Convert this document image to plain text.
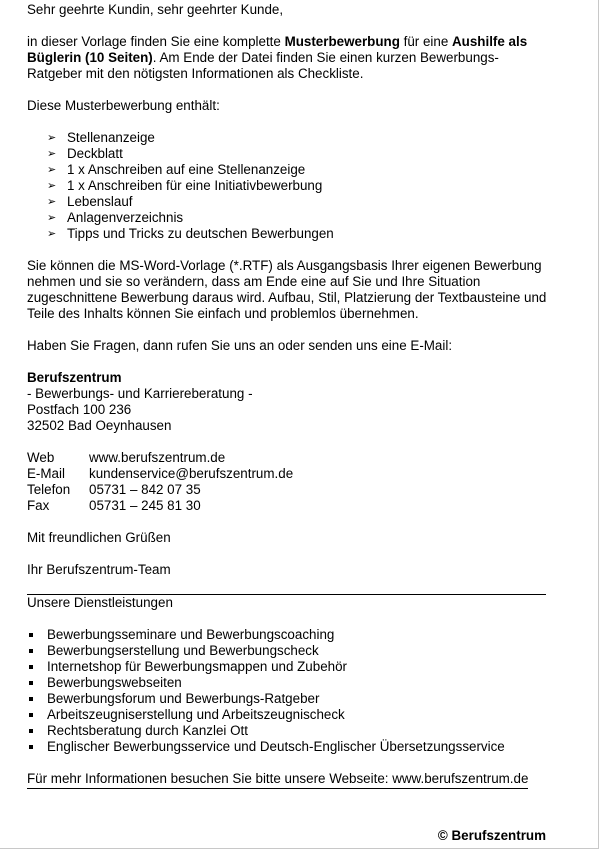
Sehr geehrte Kundin, sehr geehrter Kunde,

in dieser Vorlage finden Sie eine komplette Musterbewerbung für eine Aushilfe als Büglerin (10 Seiten). Am Ende der Datei finden Sie einen kurzen Bewerbungs-Ratgeber mit den nötigsten Informationen als Checkliste.

Diese Musterbewerbung enthält:

➢ Stellenanzeige
➢ Deckblatt
➢ 1 x Anschreiben auf eine Stellenanzeige
➢ 1 x Anschreiben für eine Initiativbewerbung
➢ Lebenslauf
➢ Anlagenverzeichnis
➢ Tipps und Tricks zu deutschen Bewerbungen

Sie können die MS-Word-Vorlage (*.RTF) als Ausgangsbasis Ihrer eigenen Bewerbung nehmen und sie so verändern, dass am Ende eine auf Sie und Ihre Situation zugeschnittene Bewerbung daraus wird. Aufbau, Stil, Platzierung der Textbausteine und Teile des Inhalts können Sie einfach und problemlos übernehmen.

Haben Sie Fragen, dann rufen Sie uns an oder senden uns eine E-Mail:

Berufszentrum

- Bewerbungs- und Karriereberatung -

Postfach 100 236

32502 Bad Oeynhausen

Web	www.berufszentrum.de
E-Mail	kundenservice@berufszentrum.de
Telefon	05731 – 842 07 35
Fax	05731 – 245 81 30

Mit freundlichen Grüßen

Ihr Berufszentrum-Team

Unsere Dienstleistungen

Bewerbungsseminare und Bewerbungscoaching
Bewerbungserstellung und Bewerbungscheck
Internetshop für Bewerbungsmappen und Zubehör
Bewerbungswebseiten
Bewerbungsforum und Bewerbungs-Ratgeber
Arbeitszeugniserstellung und Arbeitszeugnischeck
Rechtsberatung durch Kanzlei Ott
Englischer Bewerbungsservice und Deutsch-Englischer Übersetzungsservice

Für mehr Informationen besuchen Sie bitte unsere Webseite: www.berufszentrum.de

© Berufszentrum
